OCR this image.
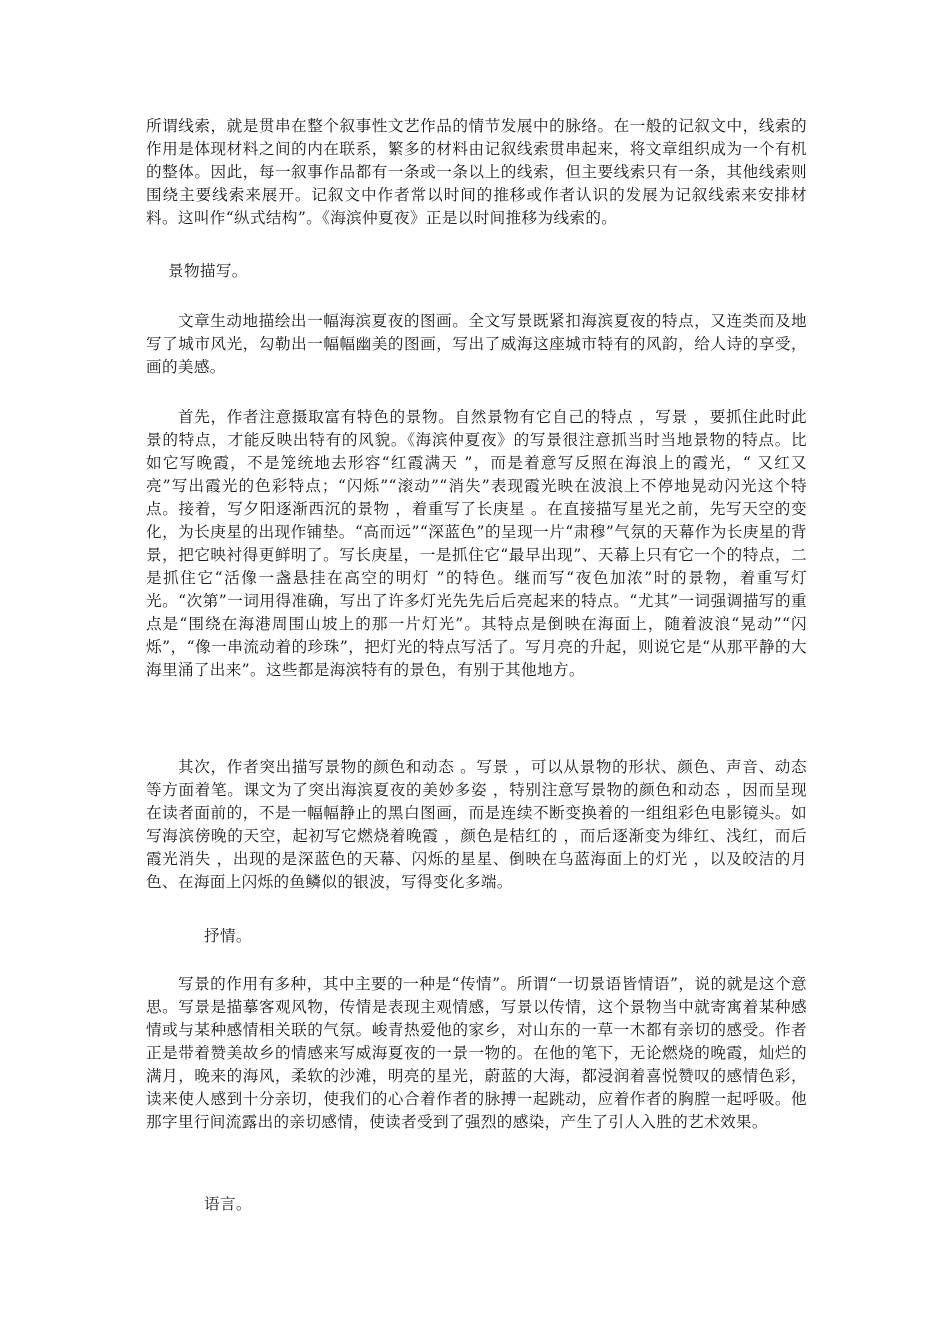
所谓线索，就是贯串在整个叙事性文艺作品的情节发展中的脉络。在一般的记叙文中，线索的作用是体现材料之间的内在联系，繁多的材料由记叙线索贯串起来，将文章组织成为一个有机的整体。因此，每一叙事作品都有一条或一条以上的线索，但主要线索只有一条，其他线索则围绕主要线索来展开。记叙文中作者常以时间的推移或作者认识的发展为记叙线索来安排材料。这叫作“纵式结构”。《海滨仲夏夜》正是以时间推移为线索的。

景物描写。

文章生动地描绘出一幅海滨夏夜的图画。全文写景既紧扣海滨夏夜的特点，又连类而及地写了城市风光，勾勒出一幅幅幽美的图画，写出了威海这座城市特有的风韵，给人诗的享受，画的美感。

首先，作者注意摄取富有特色的景物。自然景物有它自己的特点 ，写景 ，要抓住此时此景的特点，才能反映出特有的风貌。《海滨仲夏夜》的写景很注意抓当时当地景物的特点。比如它写晚霞，不是笼统地去形容“红霞满天 ”，而是着意写反照在海浪上的霞光，“ 又红又亮”写出霞光的色彩特点；“闪烁”“滚动”“消失”表现霞光映在波浪上不停地晃动闪光这个特点。接着，写夕阳逐渐西沉的景物 ，着重写了长庚星 。在直接描写星光之前，先写天空的变化，为长庚星的出现作铺垫。“高而远”“深蓝色”的呈现一片“肃穆”气氛的天幕作为长庚星的背景，把它映衬得更鲜明了。写长庚星，一是抓住它“最早出现”、天幕上只有它一个的特点，二是抓住它“活像一盏悬挂在高空的明灯 ”的特色。继而写“夜色加浓”时的景物，着重写灯光。“次第”一词用得准确，写出了许多灯光先先后后亮起来的特点。“尤其”一词强调描写的重点是“围绕在海港周围山坡上的那一片灯光”。其特点是倒映在海面上，随着波浪“晃动”“闪烁”，“像一串流动着的珍珠”，把灯光的特点写活了。写月亮的升起，则说它是“从那平静的大海里涌了出来”。这些都是海滨特有的景色，有别于其他地方。

其次，作者突出描写景物的颜色和动态 。写景 ，可以从景物的形状、颜色、声音、动态等方面着笔。课文为了突出海滨夏夜的美妙多姿 ，特别注意写景物的颜色和动态 ，因而呈现在读者面前的，不是一幅幅静止的黑白图画，而是连续不断变换着的一组组彩色电影镜头。如写海滨傍晚的天空，起初写它燃烧着晚霞 ，颜色是桔红的 ，而后逐渐变为绯红、浅红，而后霞光消失 ，出现的是深蓝色的天幕、闪烁的星星、倒映在乌蓝海面上的灯光 ，以及皎洁的月色、在海面上闪烁的鱼鳞似的银波，写得变化多端。

抒情。

写景的作用有多种，其中主要的一种是“传情”。所谓“一切景语皆情语”，说的就是这个意思。写景是描摹客观风物，传情是表现主观情感，写景以传情，这个景物当中就寄寓着某种感情或与某种感情相关联的气氛。峻青热爱他的家乡，对山东的一草一木都有亲切的感受。作者正是带着赞美故乡的情感来写威海夏夜的一景一物的。在他的笔下，无论燃烧的晚霞，灿烂的满月，晚来的海风，柔软的沙滩，明亮的星光，蔚蓝的大海，都浸润着喜悦赞叹的感情色彩，读来使人感到十分亲切，使我们的心合着作者的脉搏一起跳动，应着作者的胸膛一起呼吸。他那字里行间流露出的亲切感情，使读者受到了强烈的感染，产生了引人入胜的艺术效果。

语言。
